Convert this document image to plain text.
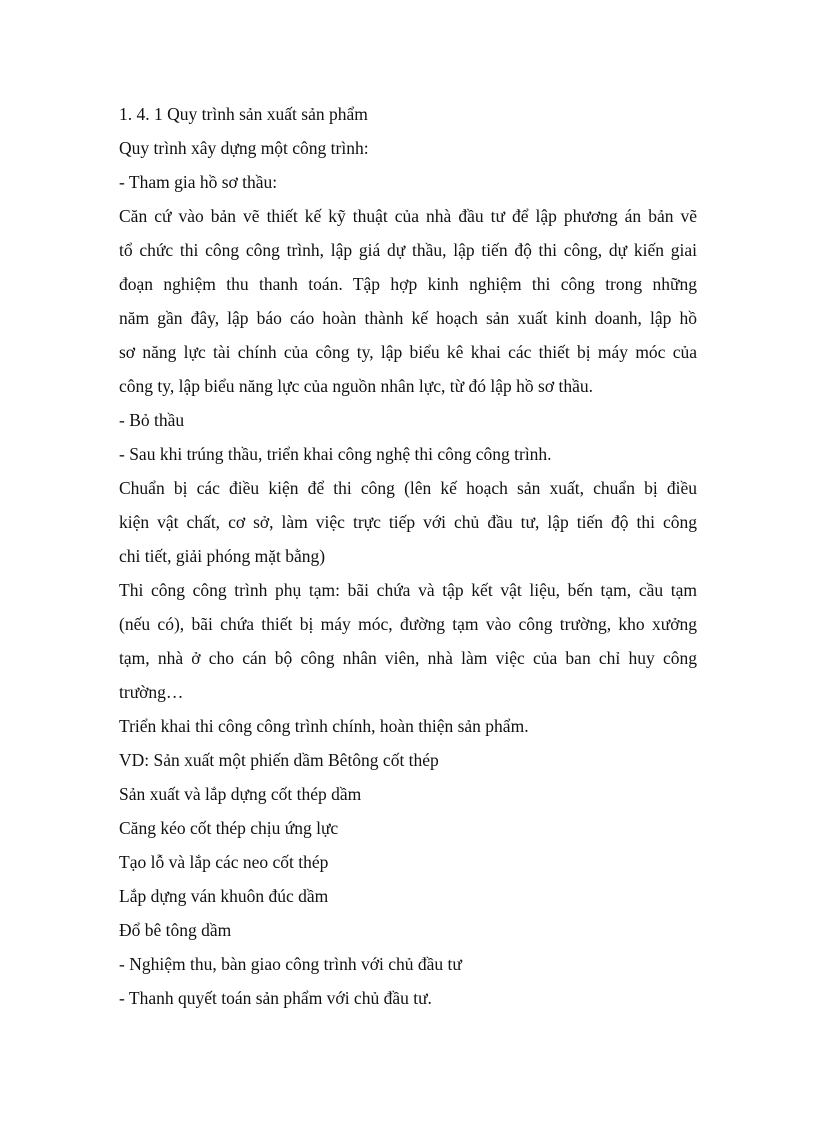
1. 4. 1 Quy trình sản xuất sản phẩm
Quy trình xây dựng một công trình:
- Tham gia hồ sơ thầu:
Căn cứ vào bản vẽ thiết kế kỹ thuật của nhà đầu tư để lập phương án bản vẽ
tổ chức thi công công trình, lập giá dự thầu, lập tiến độ thi công, dự kiến giai
đoạn nghiệm thu thanh toán. Tập hợp kinh nghiệm thi công trong những
năm gần đây, lập báo cáo hoàn thành kế hoạch sản xuất kinh doanh, lập hồ
sơ năng lực tài chính của công ty, lập biểu kê khai các thiết bị máy móc của
công ty, lập biểu năng lực của nguồn nhân lực, từ đó lập hồ sơ thầu.
- Bỏ thầu
- Sau khi trúng thầu, triển khai công nghệ thi công công trình.
Chuẩn bị các điều kiện để thi công (lên kế hoạch sản xuất, chuẩn bị điều
kiện vật chất, cơ sở, làm việc trực tiếp với chủ đầu tư, lập tiến độ thi công
chi tiết, giải phóng mặt bằng)
Thi công công trình phụ tạm: bãi chứa và tập kết vật liệu, bến tạm, cầu tạm
(nếu có), bãi chứa thiết bị máy móc, đường tạm vào công trường, kho xưởng
tạm, nhà ở cho cán bộ công nhân viên, nhà làm việc của ban chỉ huy công
trường…
Triển khai thi công công trình chính, hoàn thiện sản phẩm.
VD: Sản xuất một phiến dầm Bêtông cốt thép
Sản xuất và lắp dựng cốt thép dầm
Căng kéo cốt thép chịu ứng lực
Tạo lỗ và lắp các neo cốt thép
Lắp dựng ván khuôn đúc dầm
Đổ bê tông dầm
- Nghiệm thu, bàn giao công trình với chủ đầu tư
- Thanh quyết toán sản phẩm với chủ đầu tư.
